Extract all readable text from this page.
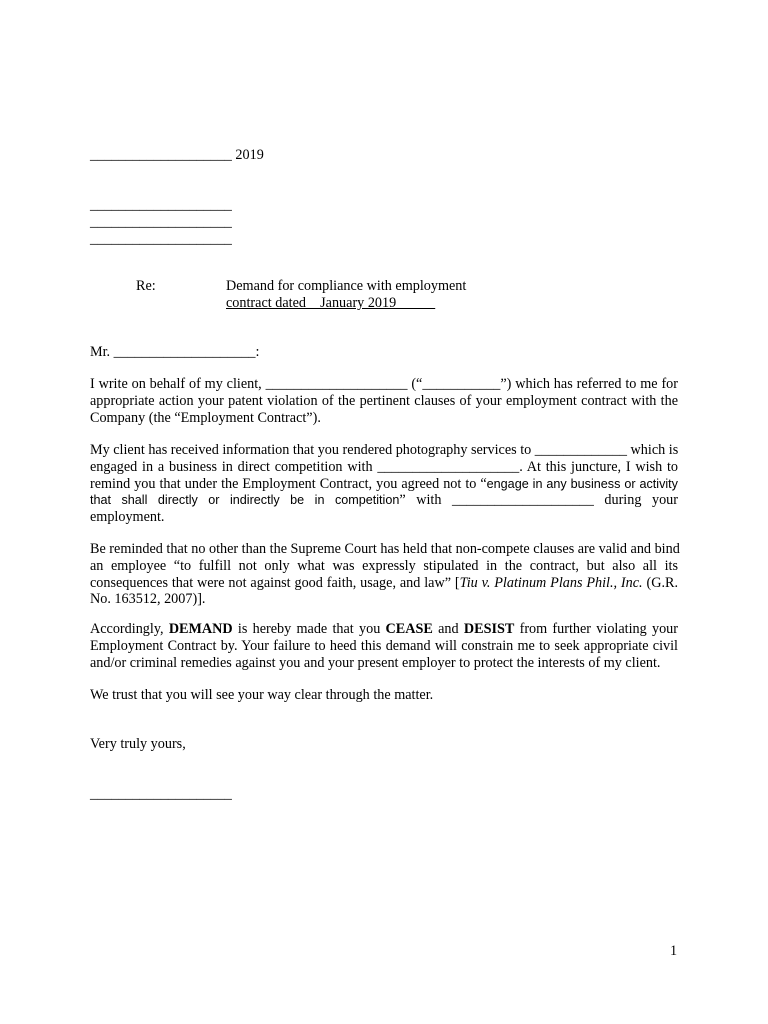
____________________ 2019
____________________
____________________
____________________
Re:	Demand for compliance with employment
contract dated    January 2019
Mr. ____________________:
I write on behalf of my client, ____________________ (“___________”) which has referred to me for
appropriate action your patent violation of the pertinent clauses of your employment contract with the
Company (the “Employment Contract”).
My client has received information that you rendered photography services to _____________ which is
engaged in a business in direct competition with ____________________. At this juncture, I wish to
remind you that under the Employment Contract, you agreed not to “engage in any business or activity
that shall directly or indirectly be in competition” with ____________________ during your
employment.
Be reminded that no other than the Supreme Court has held that non-compete clauses are valid and bind
an employee “to fulfill not only what was expressly stipulated in the contract, but also all its
consequences that were not against good faith, usage, and law” [Tiu v. Platinum Plans Phil., Inc. (G.R.
No. 163512, 2007)].
Accordingly, DEMAND is hereby made that you CEASE and DESIST from further violating your
Employment Contract by. Your failure to heed this demand will constrain me to seek appropriate civil
and/or criminal remedies against you and your present employer to protect the interests of my client.
We trust that you will see your way clear through the matter.
Very truly yours,
____________________
1
